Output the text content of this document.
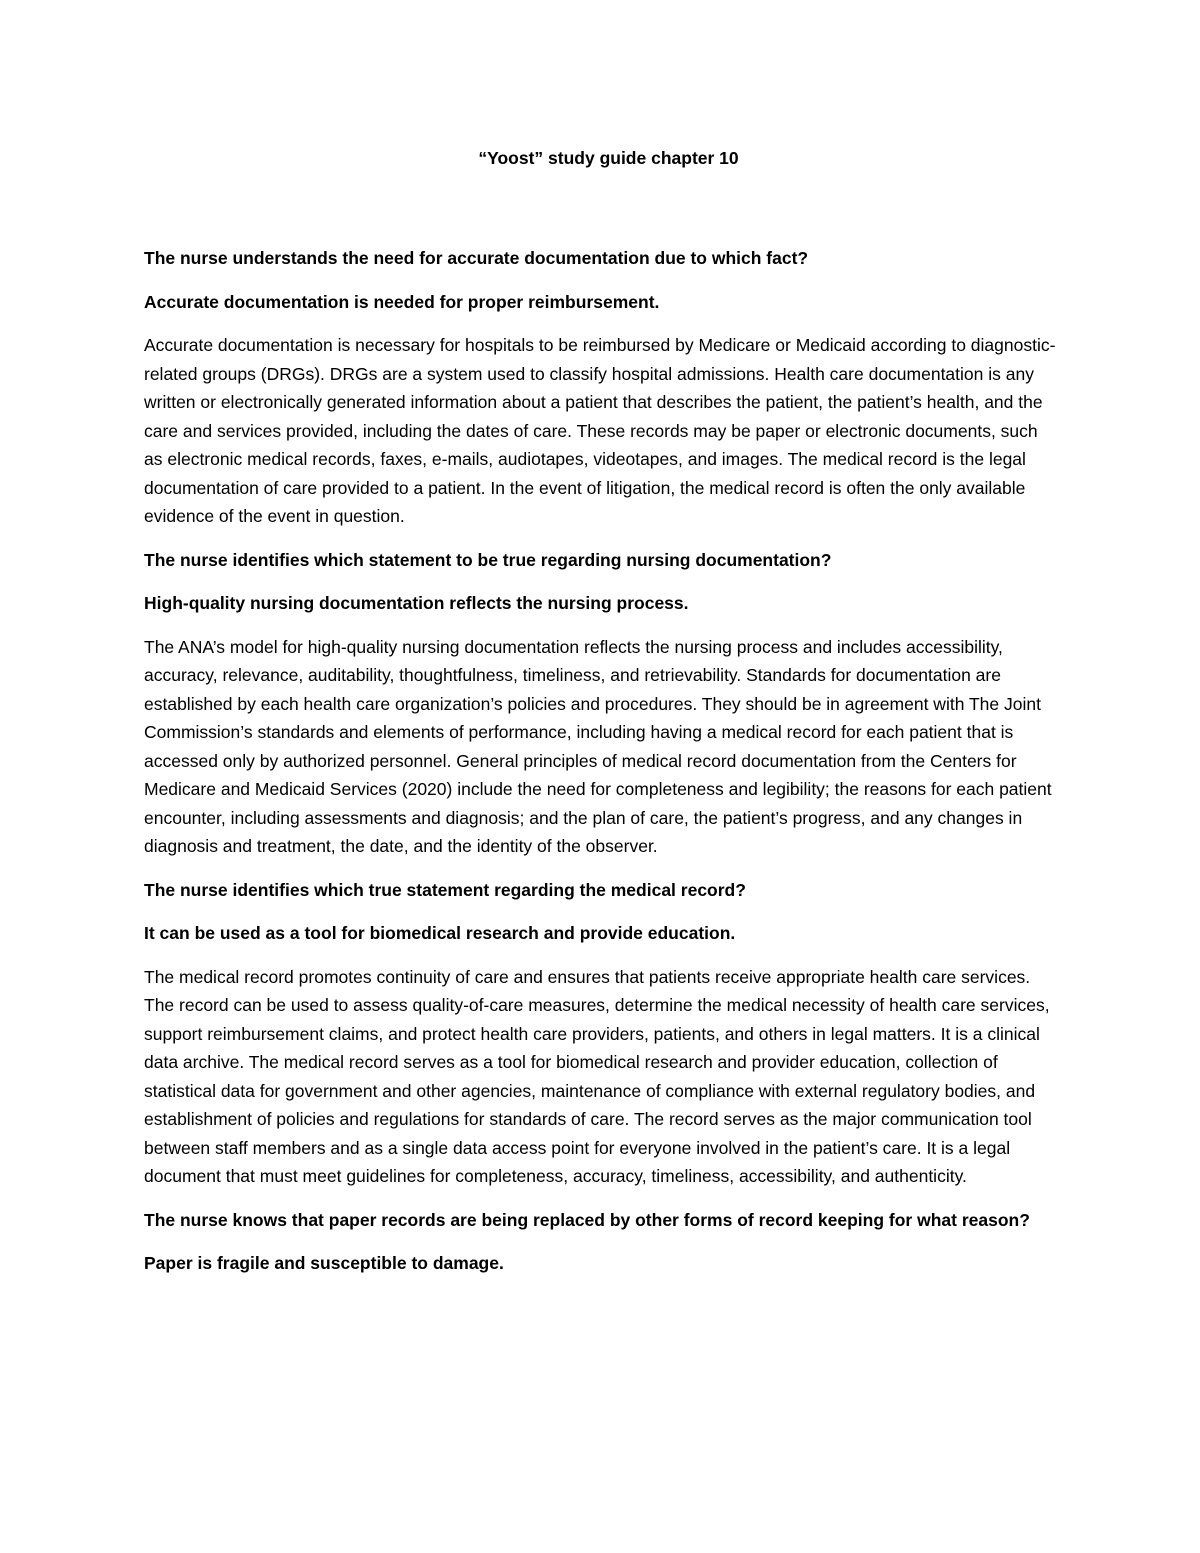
“Yoost” study guide chapter 10

The nurse understands the need for accurate documentation due to which fact?

Accurate documentation is needed for proper reimbursement.

Accurate documentation is necessary for hospitals to be reimbursed by Medicare or Medicaid according to diagnostic-related groups (DRGs). DRGs are a system used to classify hospital admissions. Health care documentation is any written or electronically generated information about a patient that describes the patient, the patient’s health, and the care and services provided, including the dates of care. These records may be paper or electronic documents, such as electronic medical records, faxes, e-mails, audiotapes, videotapes, and images. The medical record is the legal documentation of care provided to a patient. In the event of litigation, the medical record is often the only available evidence of the event in question.

The nurse identifies which statement to be true regarding nursing documentation?

High-quality nursing documentation reflects the nursing process.

The ANA’s model for high-quality nursing documentation reflects the nursing process and includes accessibility, accuracy, relevance, auditability, thoughtfulness, timeliness, and retrievability. Standards for documentation are established by each health care organization’s policies and procedures. They should be in agreement with The Joint Commission’s standards and elements of performance, including having a medical record for each patient that is accessed only by authorized personnel. General principles of medical record documentation from the Centers for Medicare and Medicaid Services (2020) include the need for completeness and legibility; the reasons for each patient encounter, including assessments and diagnosis; and the plan of care, the patient’s progress, and any changes in diagnosis and treatment, the date, and the identity of the observer.

The nurse identifies which true statement regarding the medical record?

It can be used as a tool for biomedical research and provide education.

The medical record promotes continuity of care and ensures that patients receive appropriate health care services. The record can be used to assess quality-of-care measures, determine the medical necessity of health care services, support reimbursement claims, and protect health care providers, patients, and others in legal matters. It is a clinical data archive. The medical record serves as a tool for biomedical research and provider education, collection of statistical data for government and other agencies, maintenance of compliance with external regulatory bodies, and establishment of policies and regulations for standards of care. The record serves as the major communication tool between staff members and as a single data access point for everyone involved in the patient’s care. It is a legal document that must meet guidelines for completeness, accuracy, timeliness, accessibility, and authenticity.

The nurse knows that paper records are being replaced by other forms of record keeping for what reason?

Paper is fragile and susceptible to damage.
